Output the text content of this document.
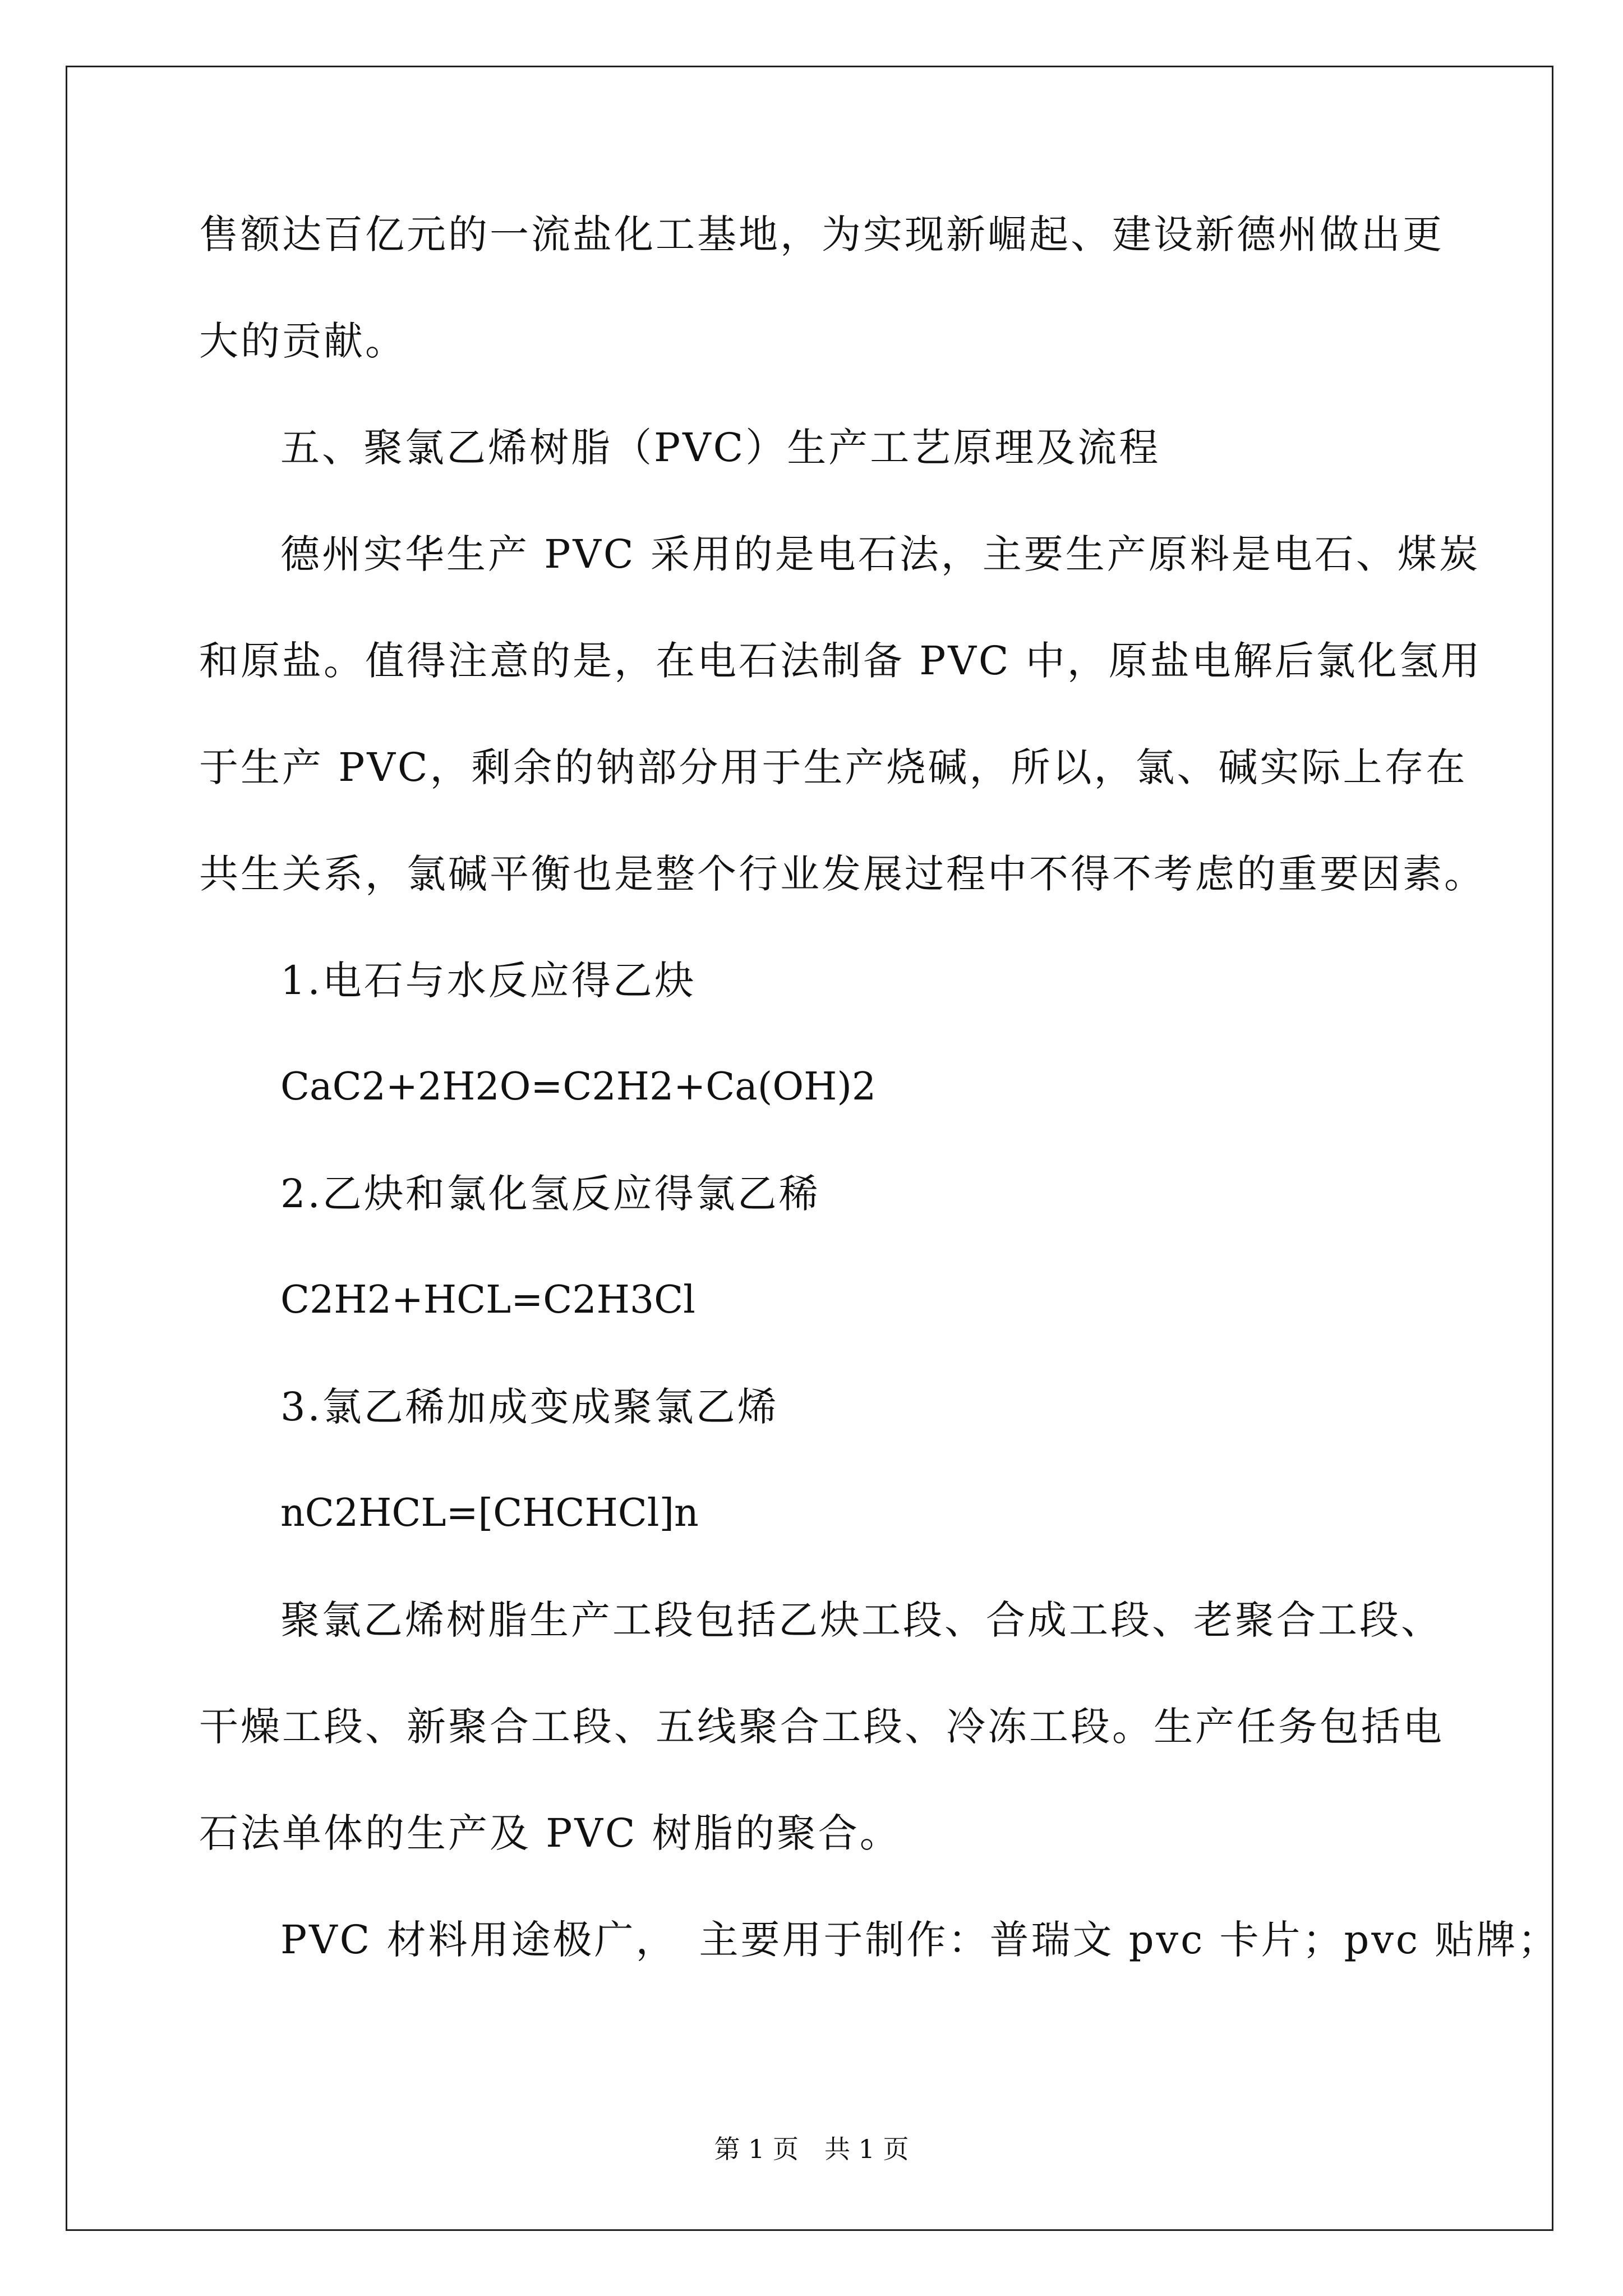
售额达百亿元的一流盐化工基地，为实现新崛起、建设新德州做出更
大的贡献。
五、聚氯乙烯树脂（PVC）生产工艺原理及流程
德州实华生产 PVC 采用的是电石法，主要生产原料是电石、煤炭
和原盐。值得注意的是，在电石法制备 PVC 中，原盐电解后氯化氢用
于生产 PVC，剩余的钠部分用于生产烧碱，所以，氯、碱实际上存在
共生关系，氯碱平衡也是整个行业发展过程中不得不考虑的重要因素。
1.电石与水反应得乙炔
CaC2+2H2O=C2H2+Ca(OH)2
2.乙炔和氯化氢反应得氯乙稀
C2H2+HCL=C2H3Cl
3.氯乙稀加成变成聚氯乙烯
nC2HCL=[CHCHCl]n
聚氯乙烯树脂生产工段包括乙炔工段、合成工段、老聚合工段、
干燥工段、新聚合工段、五线聚合工段、冷冻工段。生产任务包括电
石法单体的生产及 PVC 树脂的聚合。
PVC 材料用途极广，　主要用于制作：普瑞文 pvc 卡片；pvc 贴牌；
第 1 页　共 1 页
